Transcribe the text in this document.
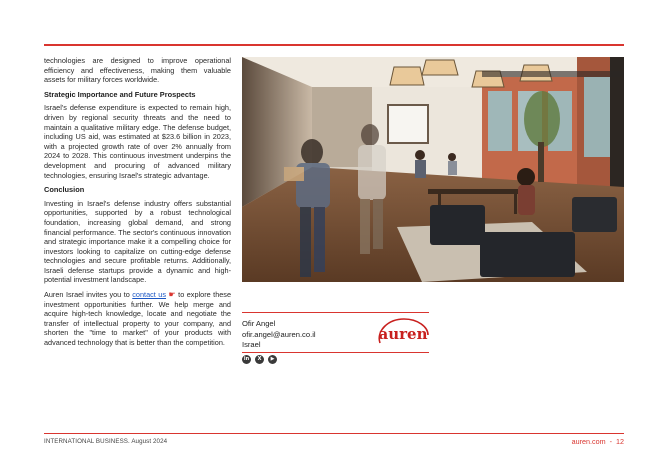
technologies are designed to improve operational efficiency and effectiveness, making them valuable assets for military forces worldwide.

Strategic Importance and Future Prospects

Israel's defense expenditure is expected to remain high, driven by regional security threats and the need to maintain a qualitative military edge. The defense budget, including US aid, was estimated at $23.6 billion in 2023, with a projected growth rate of over 2% annually from 2024 to 2028. This continuous investment underpins the development and procuring of advanced military technologies, ensuring Israel's strategic advantage.

Conclusion

Investing in Israel's defense industry offers substantial opportunities, supported by a robust technological foundation, increasing global demand, and strong financial performance. The sector's continuous innovation and strategic importance make it a compelling choice for investors looking to capitalize on cutting-edge defense technologies and secure profitable returns. Additionally, Israeli defense startups provide a dynamic and high-potential investment landscape.

Auren Israel invites you to contact us ☛ to explore these investment opportunities further. We help merge and acquire high-tech knowledge, locate and negotiate the transfer of intellectual property to your company, and shorten the "time to market" of your products with advanced technology that is better than the competition.

Ofir Angel
ofir.angel@auren.co.il
Israel
auren
in	X	▶
INTERNATIONAL BUSINESS. August 2024	auren.com - 12
